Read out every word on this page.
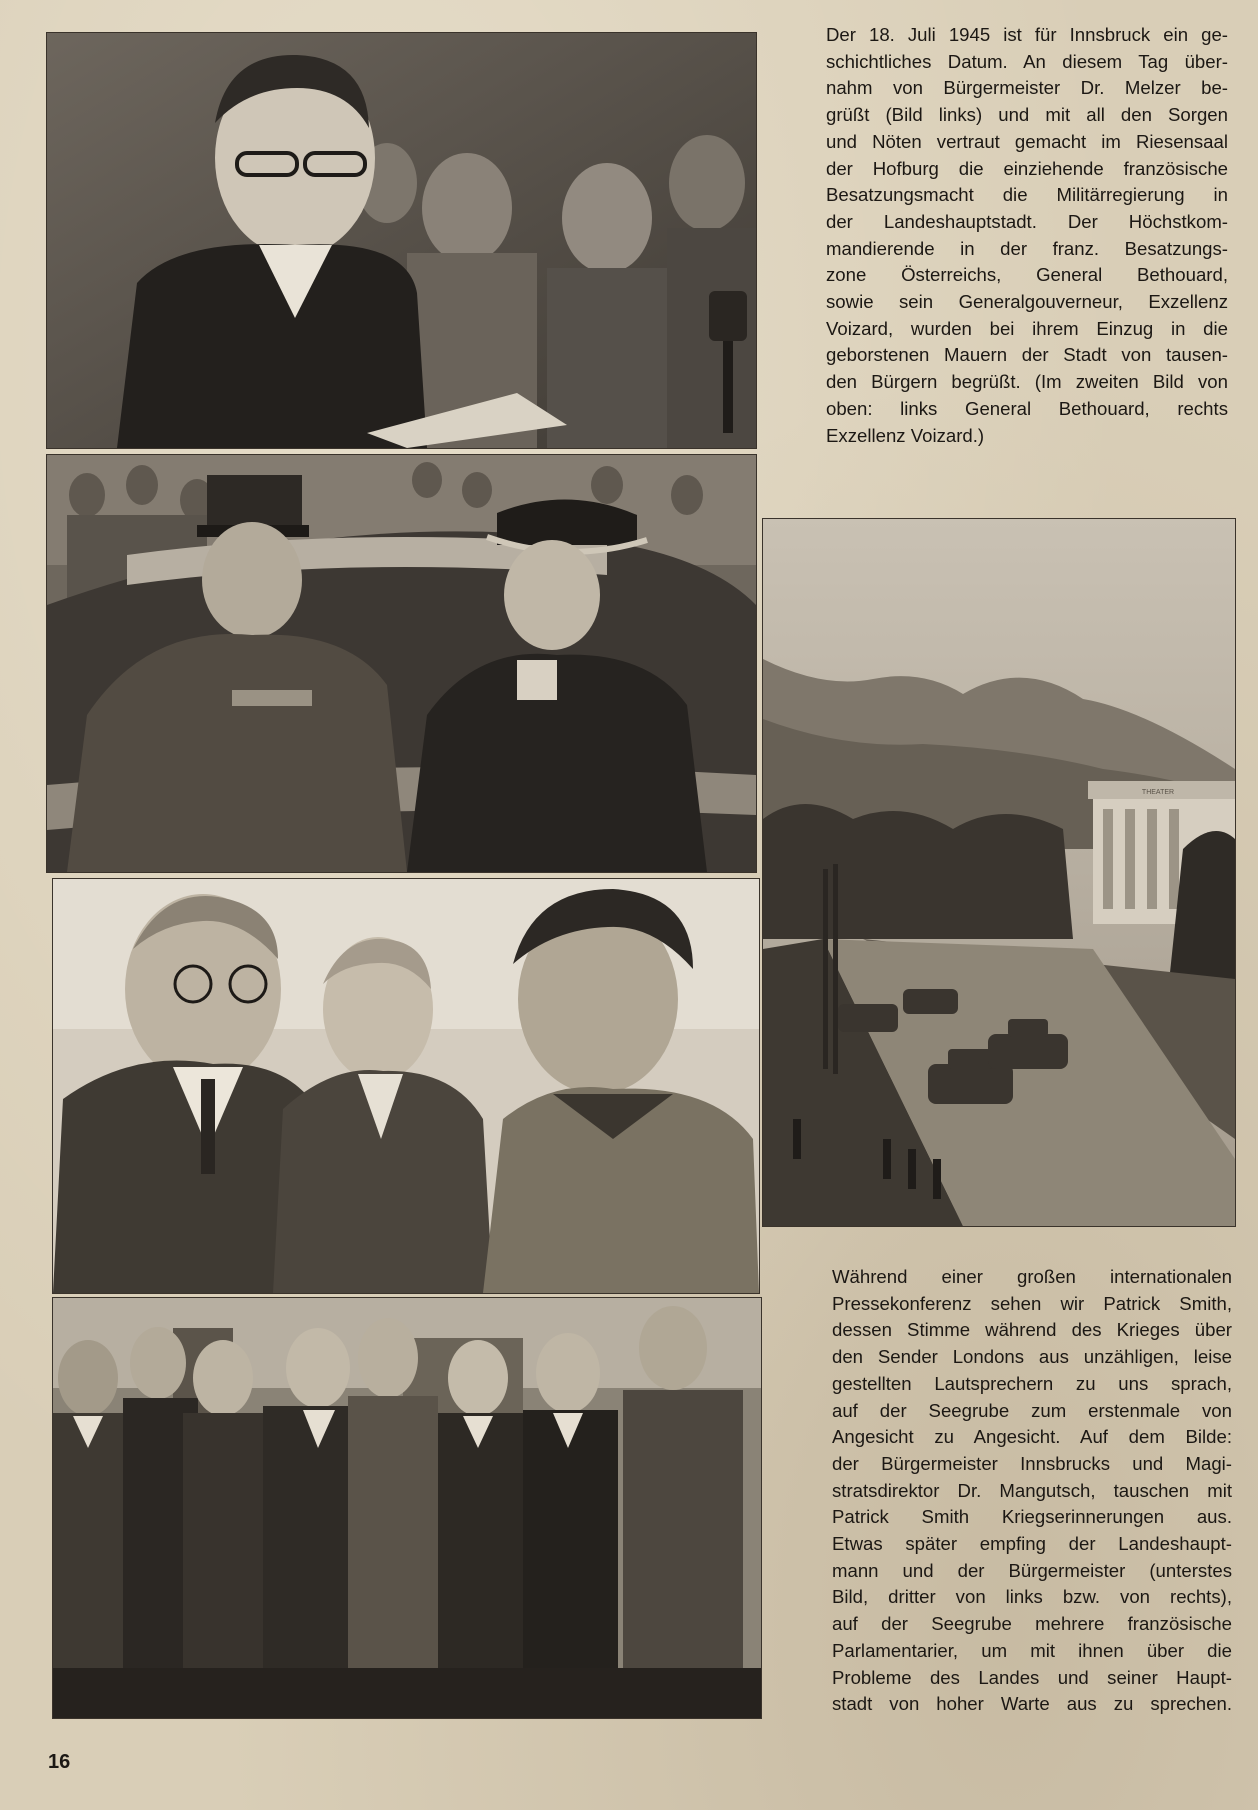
THEATER

Der 18. Juli 1945 ist für Innsbruck ein ge-
schichtliches Datum. An diesem Tag über-
nahm von Bürgermeister Dr. Melzer be-
grüßt (Bild links) und mit all den Sorgen
und Nöten vertraut gemacht im Riesensaal
der Hofburg die einziehende französische
Besatzungsmacht die Militärregierung in
der Landeshauptstadt. Der Höchstkom-
mandierende in der franz. Besatzungs-
zone Österreichs, General Bethouard,
sowie sein Generalgouverneur, Exzellenz
Voizard, wurden bei ihrem Einzug in die
geborstenen Mauern der Stadt von tausen-
den Bürgern begrüßt. (Im zweiten Bild von
oben: links General Bethouard, rechts
Exzellenz Voizard.)

Während einer großen internationalen
Pressekonferenz sehen wir Patrick Smith,
dessen Stimme während des Krieges über
den Sender Londons aus unzähligen, leise
gestellten Lautsprechern zu uns sprach,
auf der Seegrube zum erstenmale von
Angesicht zu Angesicht. Auf dem Bilde:
der Bürgermeister Innsbrucks und Magi-
stratsdirektor Dr. Mangutsch, tauschen mit
Patrick Smith Kriegserinnerungen aus.
Etwas später empfing der Landeshaupt-
mann und der Bürgermeister (unterstes
Bild, dritter von links bzw. von rechts),
auf der Seegrube mehrere französische
Parlamentarier, um mit ihnen über die
Probleme des Landes und seiner Haupt-
stadt von hoher Warte aus zu sprechen.

16
